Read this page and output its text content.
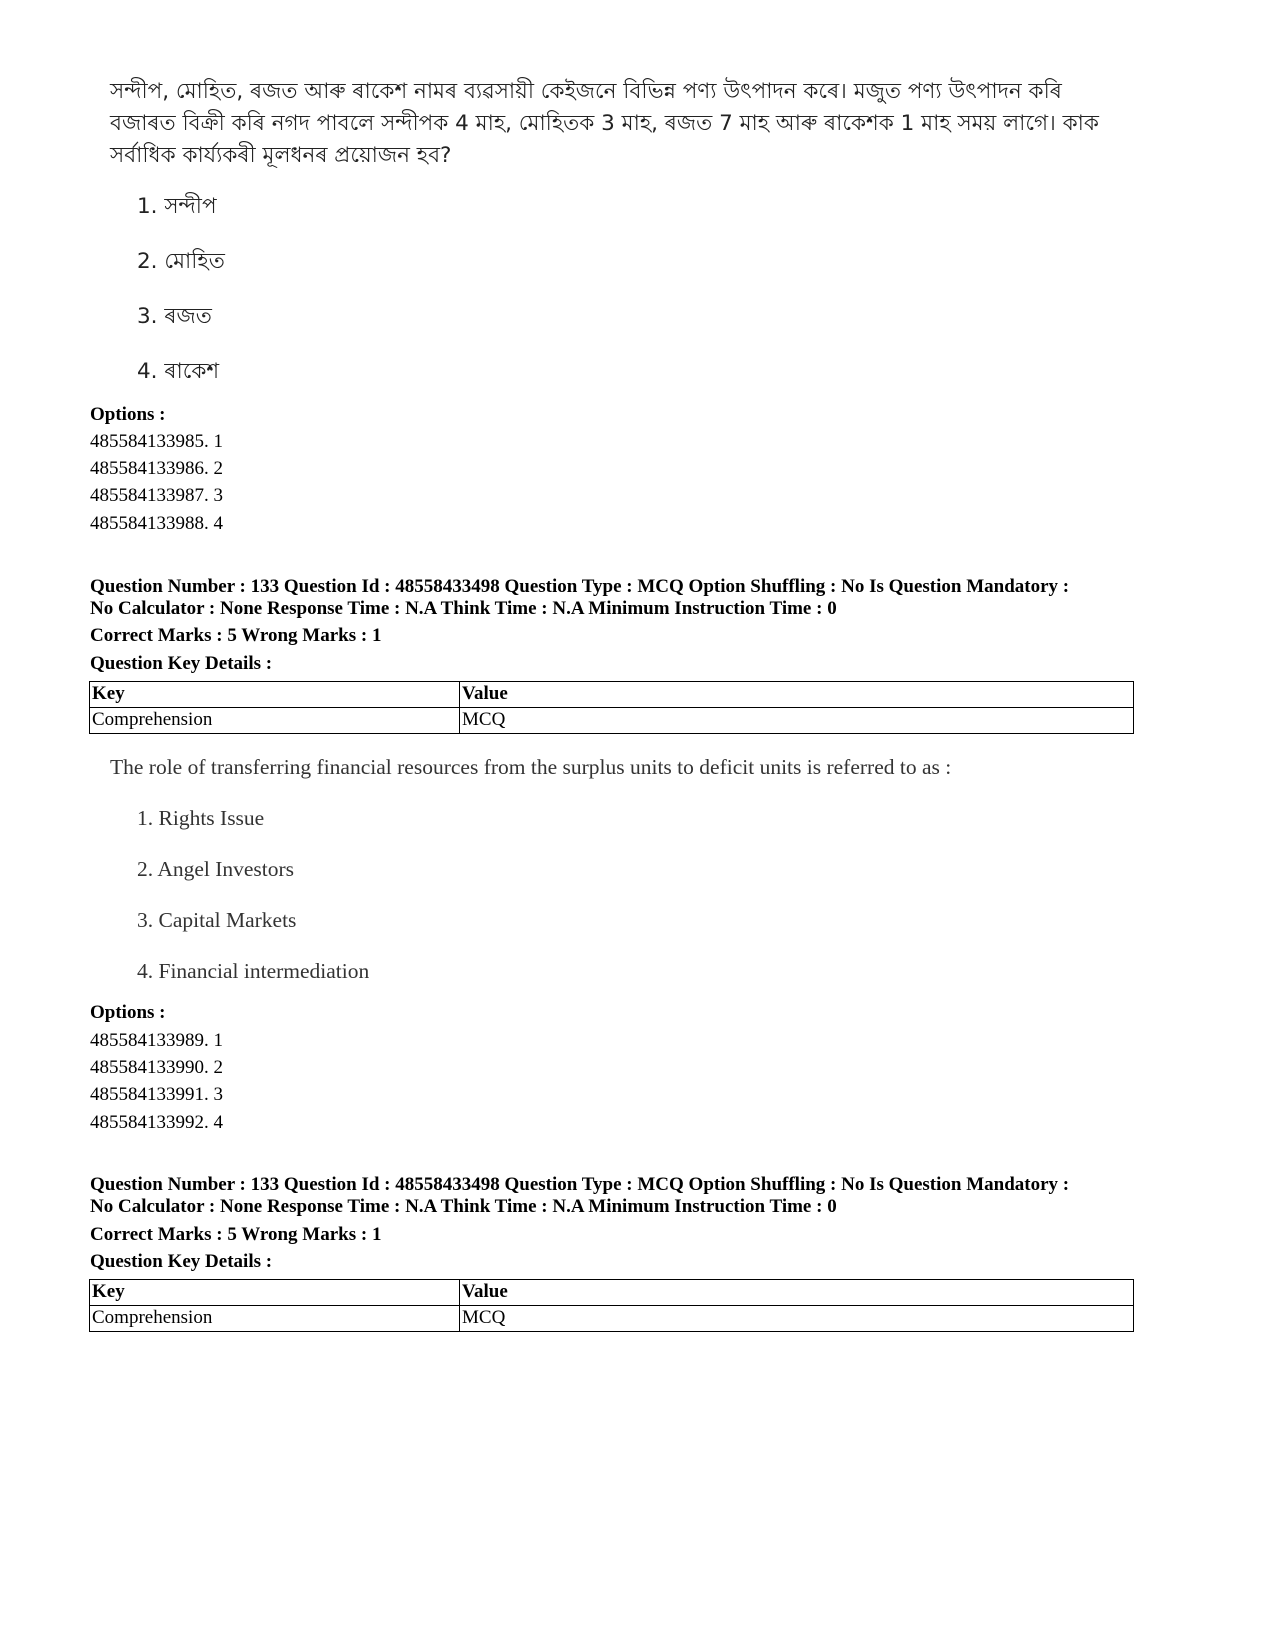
সন্দীপ, মোহিত, ৰজত আৰু ৰাকেশ নামৰ ব্যৱসায়ী কেইজনে বিভিন্ন পণ্য উৎপাদন কৰে। মজুত পণ্য উৎপাদন কৰি বজাৰত বিক্ৰী কৰি নগদ পাবলে সন্দীপক 4 মাহ, মোহিতক 3 মাহ, ৰজত 7 মাহ আৰু ৰাকেশক 1 মাহ সময় লাগে। কাক সৰ্বাধিক কাৰ্য্যকৰী মূলধনৰ প্ৰয়োজন হব?
1. সন্দীপ
2. মোহিত
3. ৰজত
4. ৰাকেশ
Options :
485584133985. 1
485584133986. 2
485584133987. 3
485584133988. 4
Question Number : 133 Question Id : 48558433498 Question Type : MCQ Option Shuffling : No Is Question Mandatory :
No Calculator : None Response Time : N.A Think Time : N.A Minimum Instruction Time : 0
Correct Marks : 5 Wrong Marks : 1
Question Key Details :
Key	Value
Comprehension	MCQ
The role of transferring financial resources from the surplus units to deficit units is referred to as :
1. Rights Issue
2. Angel Investors
3. Capital Markets
4. Financial intermediation
Options :
485584133989. 1
485584133990. 2
485584133991. 3
485584133992. 4
Question Number : 133 Question Id : 48558433498 Question Type : MCQ Option Shuffling : No Is Question Mandatory :
No Calculator : None Response Time : N.A Think Time : N.A Minimum Instruction Time : 0
Correct Marks : 5 Wrong Marks : 1
Question Key Details :
Key	Value
Comprehension	MCQ
